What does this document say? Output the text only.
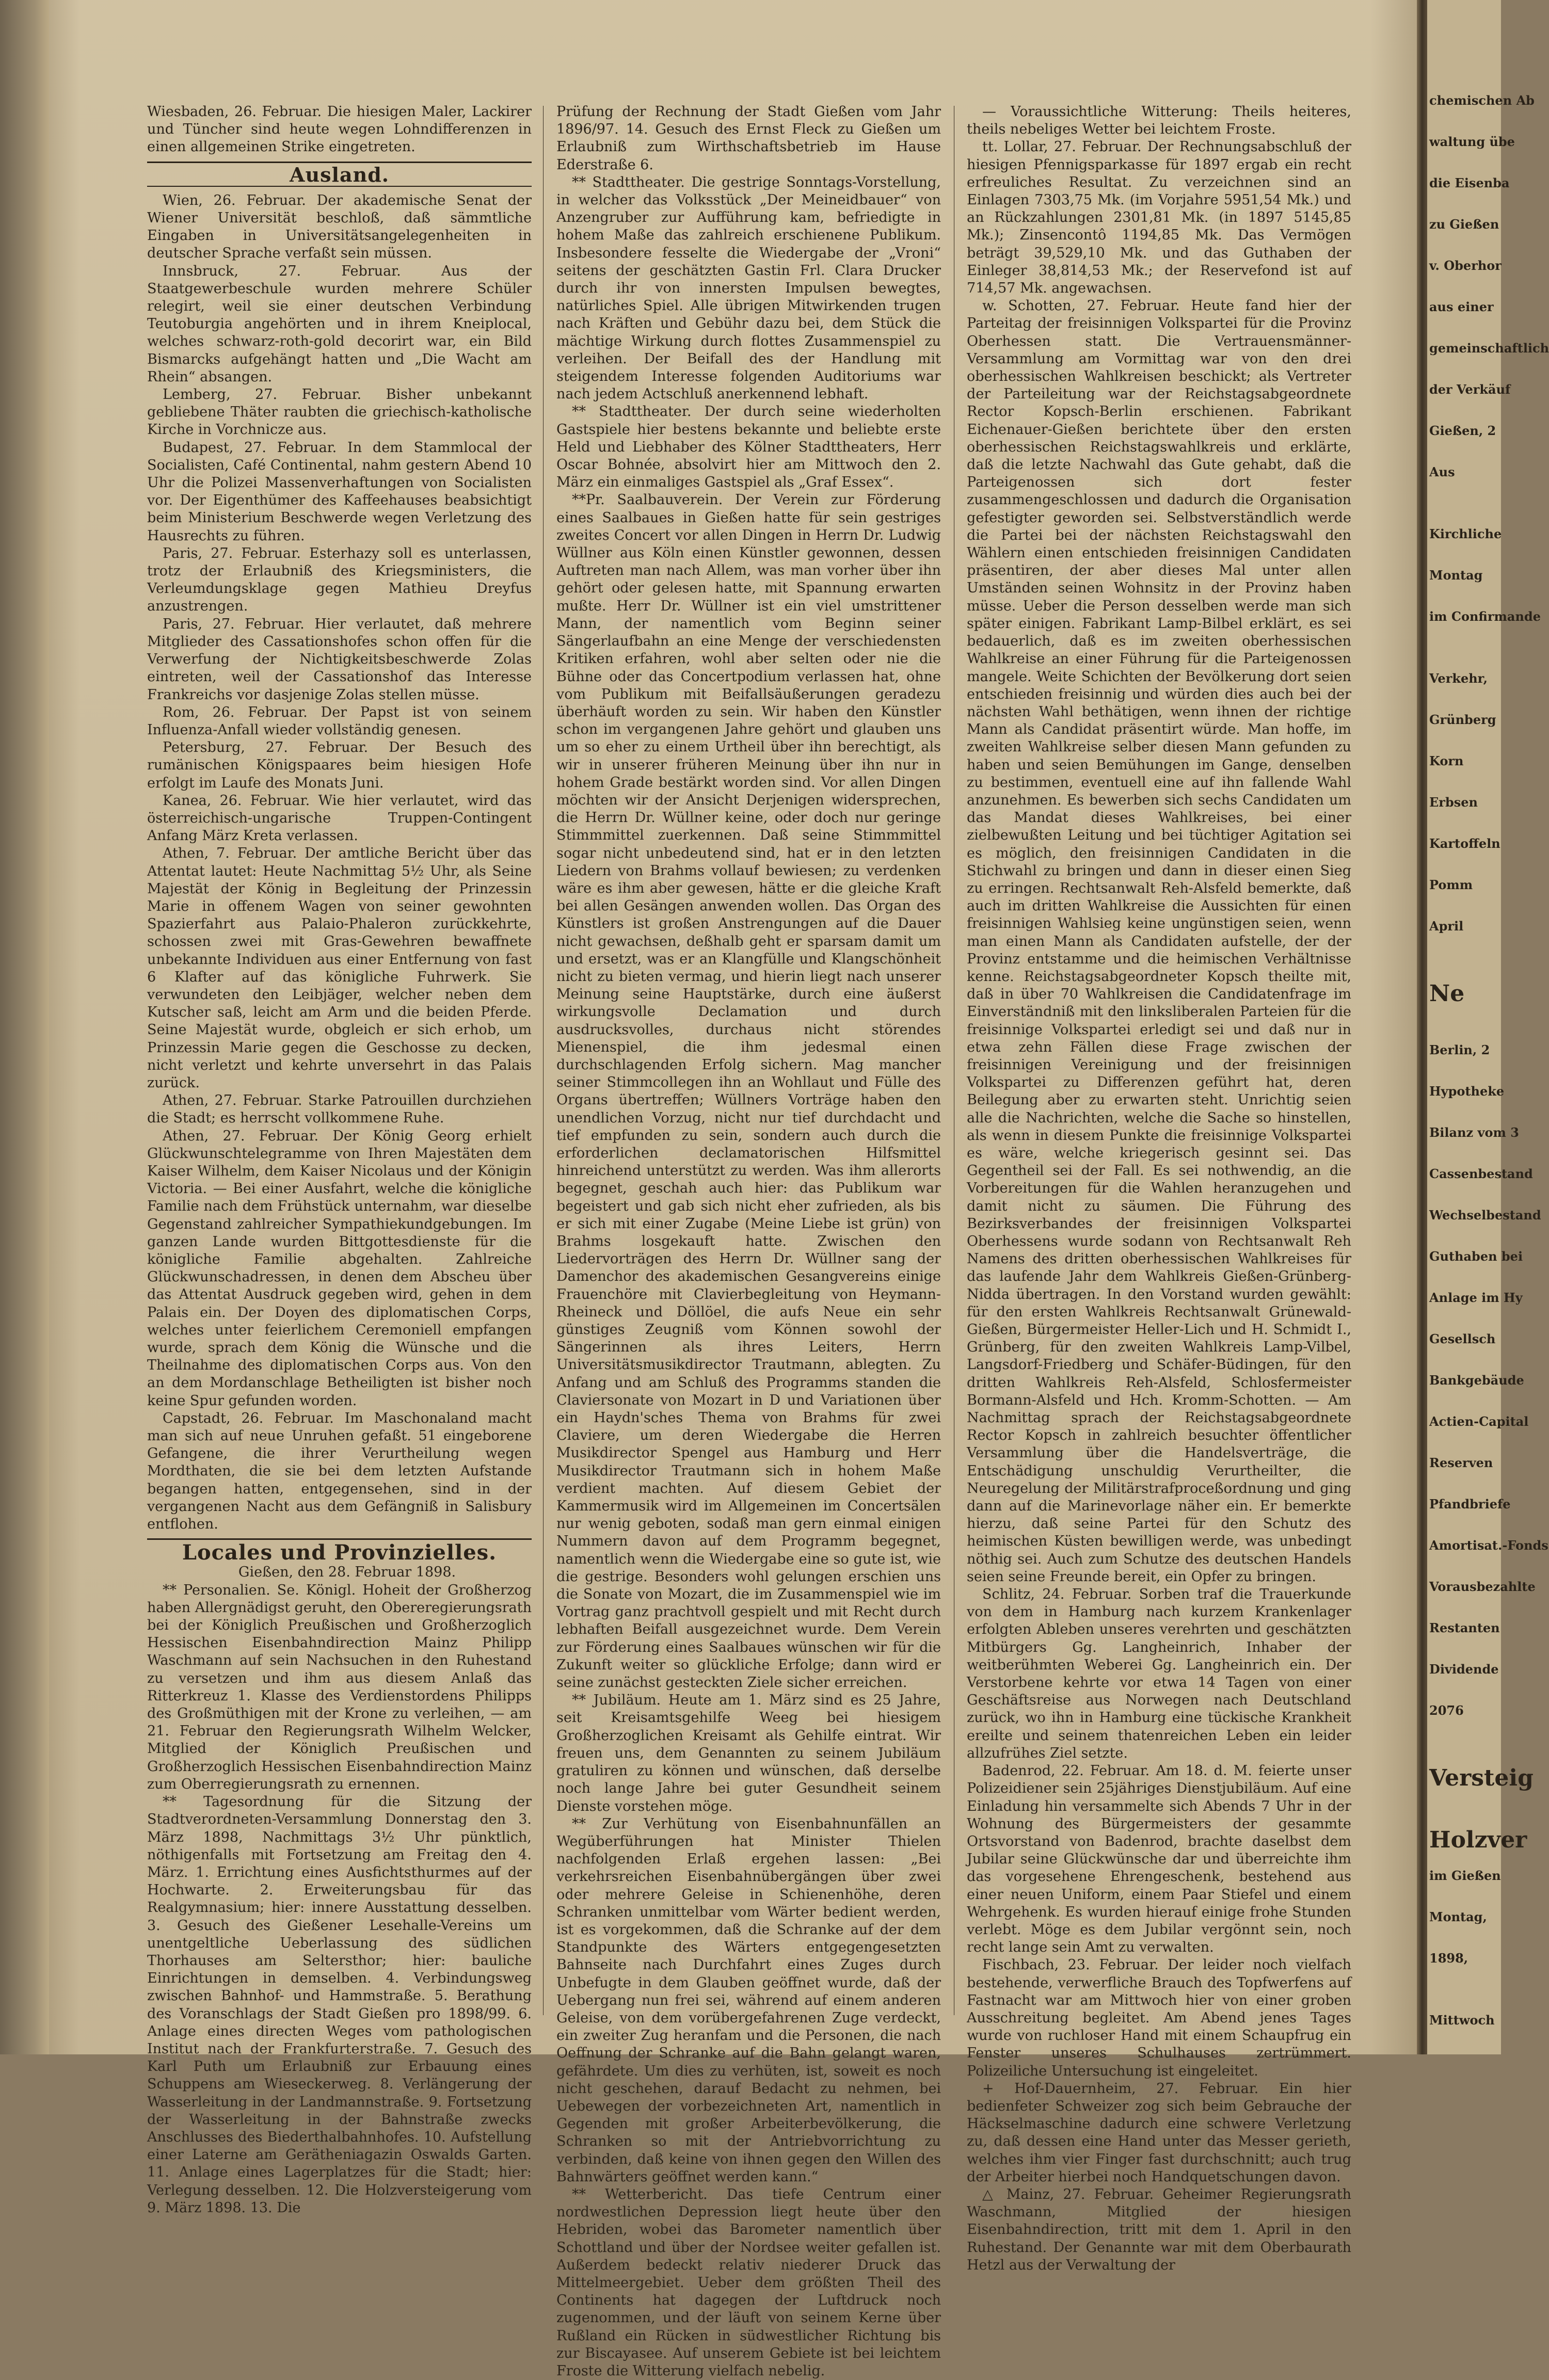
Wiesbaden, 26. Februar. Die hiesigen Maler, Lackirer und Tüncher sind heute wegen Lohndifferenzen in einen allgemeinen Strike eingetreten.

Ausland.

Wien, 26. Februar. Der akademische Senat der Wiener Universität beschloß, daß sämmtliche Eingaben in Universitätsangelegenheiten in deutscher Sprache verfaßt sein müssen.

Innsbruck, 27. Februar. Aus der Staatgewerbeschule wurden mehrere Schüler relegirt, weil sie einer deutschen Verbindung Teutoburgia angehörten und in ihrem Kneiplocal, welches schwarz-roth-gold decorirt war, ein Bild Bismarcks aufgehängt hatten und „Die Wacht am Rhein“ absangen.

Lemberg, 27. Februar. Bisher unbekannt gebliebene Thäter raubten die griechisch-katholische Kirche in Vorchnicze aus.

Budapest, 27. Februar. In dem Stammlocal der Socialisten, Café Continental, nahm gestern Abend 10 Uhr die Polizei Massenverhaftungen von Socialisten vor. Der Eigenthümer des Kaffeehauses beabsichtigt beim Ministerium Beschwerde wegen Verletzung des Hausrechts zu führen.

Paris, 27. Februar. Esterhazy soll es unterlassen, trotz der Erlaubniß des Kriegsministers, die Verleumdungsklage gegen Mathieu Dreyfus anzustrengen.

Paris, 27. Februar. Hier verlautet, daß mehrere Mitglieder des Cassationshofes schon offen für die Verwerfung der Nichtigkeitsbeschwerde Zolas eintreten, weil der Cassationshof das Interesse Frankreichs vor dasjenige Zolas stellen müsse.

Rom, 26. Februar. Der Papst ist von seinem Influenza-Anfall wieder vollständig genesen.

Petersburg, 27. Februar. Der Besuch des rumänischen Königspaares beim hiesigen Hofe erfolgt im Laufe des Monats Juni.

Kanea, 26. Februar. Wie hier verlautet, wird das österreichisch-ungarische Truppen-Contingent Anfang März Kreta verlassen.

Athen, 7. Februar. Der amtliche Bericht über das Attentat lautet: Heute Nachmittag 5½ Uhr, als Seine Majestät der König in Begleitung der Prinzessin Marie in offenem Wagen von seiner gewohnten Spazierfahrt aus Palaio-Phaleron zurückkehrte, schossen zwei mit Gras-Gewehren bewaffnete unbekannte Individuen aus einer Entfernung von fast 6 Klafter auf das königliche Fuhrwerk. Sie verwundeten den Leibjäger, welcher neben dem Kutscher saß, leicht am Arm und die beiden Pferde. Seine Majestät wurde, obgleich er sich erhob, um Prinzessin Marie gegen die Geschosse zu decken, nicht verletzt und kehrte unversehrt in das Palais zurück.

Athen, 27. Februar. Starke Patrouillen durchziehen die Stadt; es herrscht vollkommene Ruhe.

Athen, 27. Februar. Der König Georg erhielt Glückwunschtelegramme von Ihren Majestäten dem Kaiser Wilhelm, dem Kaiser Nicolaus und der Königin Victoria. — Bei einer Ausfahrt, welche die königliche Familie nach dem Frühstück unternahm, war dieselbe Gegenstand zahlreicher Sympathiekundgebungen. Im ganzen Lande wurden Bittgottesdienste für die königliche Familie abgehalten. Zahlreiche Glückwunschadressen, in denen dem Abscheu über das Attentat Ausdruck gegeben wird, gehen in dem Palais ein. Der Doyen des diplomatischen Corps, welches unter feierlichem Ceremoniell empfangen wurde, sprach dem König die Wünsche und die Theilnahme des diplomatischen Corps aus. Von den an dem Mordanschlage Betheiligten ist bisher noch keine Spur gefunden worden.

Capstadt, 26. Februar. Im Maschonaland macht man sich auf neue Unruhen gefaßt. 51 eingeborene Gefangene, die ihrer Verurtheilung wegen Mordthaten, die sie bei dem letzten Aufstande begangen hatten, entgegensehen, sind in der vergangenen Nacht aus dem Gefängniß in Salisbury entflohen.

Locales und Provinzielles.

Gießen, den 28. Februar 1898.

** Personalien. Se. Königl. Hoheit der Großherzog haben Allergnädigst geruht, den Obereregierungsrath bei der Königlich Preußischen und Großherzoglich Hessischen Eisenbahndirection Mainz Philipp Waschmann auf sein Nachsuchen in den Ruhestand zu versetzen und ihm aus diesem Anlaß das Ritterkreuz 1. Klasse des Verdienstordens Philipps des Großmüthigen mit der Krone zu verleihen, — am 21. Februar den Regierungsrath Wilhelm Welcker, Mitglied der Königlich Preußischen und Großherzoglich Hessischen Eisenbahndirection Mainz zum Oberregierungsrath zu ernennen.

** Tagesordnung für die Sitzung der Stadtverordneten-Versammlung Donnerstag den 3. März 1898, Nachmittags 3½ Uhr pünktlich, nöthigenfalls mit Fortsetzung am Freitag den 4. März. 1. Errichtung eines Ausfichtsthurmes auf der Hochwarte. 2. Erweiterungsbau für das Realgymnasium; hier: innere Ausstattung desselben. 3. Gesuch des Gießener Lesehalle-Vereins um unentgeltliche Ueberlassung des südlichen Thorhauses am Seltersthor; hier: bauliche Einrichtungen in demselben. 4. Verbindungsweg zwischen Bahnhof- und Hammstraße. 5. Berathung des Voranschlags der Stadt Gießen pro 1898/99. 6. Anlage eines directen Weges vom pathologischen Institut nach der Frankfurterstraße. 7. Gesuch des Karl Puth um Erlaubniß zur Erbauung eines Schuppens am Wieseckerweg. 8. Verlängerung der Wasserleitung in der Landmannstraße. 9. Fortsetzung der Wasserleitung in der Bahnstraße zwecks Anschlusses des Biederthalbahnhofes. 10. Aufstellung einer Laterne am Gerätheniagazin Oswalds Garten. 11. Anlage eines Lagerplatzes für die Stadt; hier: Verlegung desselben. 12. Die Holzversteigerung vom 9. März 1898. 13. Die

Prüfung der Rechnung der Stadt Gießen vom Jahr 1896/97. 14. Gesuch des Ernst Fleck zu Gießen um Erlaubniß zum Wirthschaftsbetrieb im Hause Ederstraße 6.

** Stadttheater. Die gestrige Sonntags-Vorstellung, in welcher das Volksstück „Der Meineidbauer“ von Anzengruber zur Aufführung kam, befriedigte in hohem Maße das zahlreich erschienene Publikum. Insbesondere fesselte die Wiedergabe der „Vroni“ seitens der geschätzten Gastin Frl. Clara Drucker durch ihr von innersten Impulsen bewegtes, natürliches Spiel. Alle übrigen Mitwirkenden trugen nach Kräften und Gebühr dazu bei, dem Stück die mächtige Wirkung durch flottes Zusammenspiel zu verleihen. Der Beifall des der Handlung mit steigendem Interesse folgenden Auditoriums war nach jedem Actschluß anerkennend lebhaft.

** Stadttheater. Der durch seine wiederholten Gastspiele hier bestens bekannte und beliebte erste Held und Liebhaber des Kölner Stadttheaters, Herr Oscar Bohnée, absolvirt hier am Mittwoch den 2. März ein einmaliges Gastspiel als „Graf Essex“.

**Pr. Saalbauverein. Der Verein zur Förderung eines Saalbaues in Gießen hatte für sein gestriges zweites Concert vor allen Dingen in Herrn Dr. Ludwig Wüllner aus Köln einen Künstler gewonnen, dessen Auftreten man nach Allem, was man vorher über ihn gehört oder gelesen hatte, mit Spannung erwarten mußte. Herr Dr. Wüllner ist ein viel umstrittener Mann, der namentlich vom Beginn seiner Sängerlaufbahn an eine Menge der verschiedensten Kritiken erfahren, wohl aber selten oder nie die Bühne oder das Concertpodium verlassen hat, ohne vom Publikum mit Beifallsäußerungen geradezu überhäuft worden zu sein. Wir haben den Künstler schon im vergangenen Jahre gehört und glauben uns um so eher zu einem Urtheil über ihn berechtigt, als wir in unserer früheren Meinung über ihn nur in hohem Grade bestärkt worden sind. Vor allen Dingen möchten wir der Ansicht Derjenigen widersprechen, die Herrn Dr. Wüllner keine, oder doch nur geringe Stimmmittel zuerkennen. Daß seine Stimmmittel sogar nicht unbedeutend sind, hat er in den letzten Liedern von Brahms vollauf bewiesen; zu verdenken wäre es ihm aber gewesen, hätte er die gleiche Kraft bei allen Gesängen anwenden wollen. Das Organ des Künstlers ist großen Anstrengungen auf die Dauer nicht gewachsen, deßhalb geht er sparsam damit um und ersetzt, was er an Klangfülle und Klangschönheit nicht zu bieten vermag, und hierin liegt nach unserer Meinung seine Hauptstärke, durch eine äußerst wirkungsvolle Declamation und durch ausdrucksvolles, durchaus nicht störendes Mienenspiel, die ihm jedesmal einen durchschlagenden Erfolg sichern. Mag mancher seiner Stimmcollegen ihn an Wohllaut und Fülle des Organs übertreffen; Wüllners Vorträge haben den unendlichen Vorzug, nicht nur tief durchdacht und tief empfunden zu sein, sondern auch durch die erforderlichen declamatorischen Hilfsmittel hinreichend unterstützt zu werden. Was ihm allerorts begegnet, geschah auch hier: das Publikum war begeistert und gab sich nicht eher zufrieden, als bis er sich mit einer Zugabe (Meine Liebe ist grün) von Brahms losgekauft hatte. Zwischen den Liedervorträgen des Herrn Dr. Wüllner sang der Damenchor des akademischen Gesangvereins einige Frauenchöre mit Clavierbegleitung von Heymann-Rheineck und Döllöel, die aufs Neue ein sehr günstiges Zeugniß vom Können sowohl der Sängerinnen als ihres Leiters, Herrn Universitätsmusikdirector Trautmann, ablegten. Zu Anfang und am Schluß des Programms standen die Claviersonate von Mozart in D und Variationen über ein Haydn'sches Thema von Brahms für zwei Claviere, um deren Wiedergabe die Herren Musikdirector Spengel aus Hamburg und Herr Musikdirector Trautmann sich in hohem Maße verdient machten. Auf diesem Gebiet der Kammermusik wird im Allgemeinen im Concertsälen nur wenig geboten, sodaß man gern einmal einigen Nummern davon auf dem Programm begegnet, namentlich wenn die Wiedergabe eine so gute ist, wie die gestrige. Besonders wohl gelungen erschien uns die Sonate von Mozart, die im Zusammenspiel wie im Vortrag ganz prachtvoll gespielt und mit Recht durch lebhaften Beifall ausgezeichnet wurde. Dem Verein zur Förderung eines Saalbaues wünschen wir für die Zukunft weiter so glückliche Erfolge; dann wird er seine zunächst gesteckten Ziele sicher erreichen.

** Jubiläum. Heute am 1. März sind es 25 Jahre, seit Kreisamtsgehilfe Weeg bei hiesigem Großherzoglichen Kreisamt als Gehilfe eintrat. Wir freuen uns, dem Genannten zu seinem Jubiläum gratuliren zu können und wünschen, daß derselbe noch lange Jahre bei guter Gesundheit seinem Dienste vorstehen möge.

** Zur Verhütung von Eisenbahnunfällen an Wegüberführungen hat Minister Thielen nachfolgenden Erlaß ergehen lassen: „Bei verkehrsreichen Eisenbahnübergängen über zwei oder mehrere Geleise in Schienenhöhe, deren Schranken unmittelbar vom Wärter bedient werden, ist es vorgekommen, daß die Schranke auf der dem Standpunkte des Wärters entgegengesetzten Bahnseite nach Durchfahrt eines Zuges durch Unbefugte in dem Glauben geöffnet wurde, daß der Uebergang nun frei sei, während auf einem anderen Geleise, von dem vorübergefahrenen Zuge verdeckt, ein zweiter Zug heranfam und die Personen, die nach Oeffnung der Schranke auf die Bahn gelangt waren, gefährdete. Um dies zu verhüten, ist, soweit es noch nicht geschehen, darauf Bedacht zu nehmen, bei Uebewegen der vorbezeichneten Art, namentlich in Gegenden mit großer Arbeiterbevölkerung, die Schranken so mit der Antriebvorrichtung zu verbinden, daß keine von ihnen gegen den Willen des Bahnwärters geöffnet werden kann.“

** Wetterbericht. Das tiefe Centrum einer nordwestlichen Depression liegt heute über den Hebriden, wobei das Barometer namentlich über Schottland und über der Nordsee weiter gefallen ist. Außerdem bedeckt relativ niederer Druck das Mittelmeergebiet. Ueber dem größten Theil des Continents hat dagegen der Luftdruck noch zugenommen, und der läuft von seinem Kerne über Rußland ein Rücken in südwestlicher Richtung bis zur Biscayasee. Auf unserem Gebiete ist bei leichtem Froste die Witterung vielfach nebelig.

— Voraussichtliche Witterung: Theils heiteres, theils nebeliges Wetter bei leichtem Froste.

tt. Lollar, 27. Februar. Der Rechnungsabschluß der hiesigen Pfennigsparkasse für 1897 ergab ein recht erfreuliches Resultat. Zu verzeichnen sind an Einlagen 7303,75 Mk. (im Vorjahre 5951,54 Mk.) und an Rückzahlungen 2301,81 Mk. (in 1897 5145,85 Mk.); Zinsencontô 1194,85 Mk. Das Vermögen beträgt 39,529,10 Mk. und das Guthaben der Einleger 38,814,53 Mk.; der Reservefond ist auf 714,57 Mk. angewachsen.

w. Schotten, 27. Februar. Heute fand hier der Parteitag der freisinnigen Volkspartei für die Provinz Oberhessen statt. Die Vertrauensmänner-Versammlung am Vormittag war von den drei oberhessischen Wahlkreisen beschickt; als Vertreter der Parteileitung war der Reichstagsabgeordnete Rector Kopsch-Berlin erschienen. Fabrikant Eichenauer-Gießen berichtete über den ersten oberhessischen Reichstagswahlkreis und erklärte, daß die letzte Nachwahl das Gute gehabt, daß die Parteigenossen sich dort fester zusammengeschlossen und dadurch die Organisation gefestigter geworden sei. Selbstverständlich werde die Partei bei der nächsten Reichstagswahl den Wählern einen entschieden freisinnigen Candidaten präsentiren, der aber dieses Mal unter allen Umständen seinen Wohnsitz in der Provinz haben müsse. Ueber die Person desselben werde man sich später einigen. Fabrikant Lamp-Bilbel erklärt, es sei bedauerlich, daß es im zweiten oberhessischen Wahlkreise an einer Führung für die Parteigenossen mangele. Weite Schichten der Bevölkerung dort seien entschieden freisinnig und würden dies auch bei der nächsten Wahl bethätigen, wenn ihnen der richtige Mann als Candidat präsentirt würde. Man hoffe, im zweiten Wahlkreise selber diesen Mann gefunden zu haben und seien Bemühungen im Gange, denselben zu bestimmen, eventuell eine auf ihn fallende Wahl anzunehmen. Es bewerben sich sechs Candidaten um das Mandat dieses Wahlkreises, bei einer zielbewußten Leitung und bei tüchtiger Agitation sei es möglich, den freisinnigen Candidaten in die Stichwahl zu bringen und dann in dieser einen Sieg zu erringen. Rechtsanwalt Reh-Alsfeld bemerkte, daß auch im dritten Wahlkreise die Aussichten für einen freisinnigen Wahlsieg keine ungünstigen seien, wenn man einen Mann als Candidaten aufstelle, der der Provinz entstamme und die heimischen Verhältnisse kenne. Reichstagsabgeordneter Kopsch theilte mit, daß in über 70 Wahlkreisen die Candidatenfrage im Einverständniß mit den linksliberalen Parteien für die freisinnige Volkspartei erledigt sei und daß nur in etwa zehn Fällen diese Frage zwischen der freisinnigen Vereinigung und der freisinnigen Volkspartei zu Differenzen geführt hat, deren Beilegung aber zu erwarten steht. Unrichtig seien alle die Nachrichten, welche die Sache so hinstellen, als wenn in diesem Punkte die freisinnige Volkspartei es wäre, welche kriegerisch gesinnt sei. Das Gegentheil sei der Fall. Es sei nothwendig, an die Vorbereitungen für die Wahlen heranzugehen und damit nicht zu säumen. Die Führung des Bezirksverbandes der freisinnigen Volkspartei Oberhessens wurde sodann von Rechtsanwalt Reh Namens des dritten oberhessischen Wahlkreises für das laufende Jahr dem Wahlkreis Gießen-Grünberg-Nidda übertragen. In den Vorstand wurden gewählt: für den ersten Wahlkreis Rechtsanwalt Grünewald-Gießen, Bürgermeister Heller-Lich und H. Schmidt I., Grünberg, für den zweiten Wahlkreis Lamp-Vilbel, Langsdorf-Friedberg und Schäfer-Büdingen, für den dritten Wahlkreis Reh-Alsfeld, Schlosfermeister Bormann-Alsfeld und Hch. Kromm-Schotten. — Am Nachmittag sprach der Reichstagsabgeordnete Rector Kopsch in zahlreich besuchter öffentlicher Versammlung über die Handelsverträge, die Entschädigung unschuldig Verurtheilter, die Neuregelung der Militärstrafproceßordnung und ging dann auf die Marinevorlage näher ein. Er bemerkte hierzu, daß seine Partei für den Schutz des heimischen Küsten bewilligen werde, was unbedingt nöthig sei. Auch zum Schutze des deutschen Handels seien seine Freunde bereit, ein Opfer zu bringen.

Schlitz, 24. Februar. Sorben traf die Trauerkunde von dem in Hamburg nach kurzem Krankenlager erfolgten Ableben unseres verehrten und geschätzten Mitbürgers Gg. Langheinrich, Inhaber der weitberühmten Weberei Gg. Langheinrich ein. Der Verstorbene kehrte vor etwa 14 Tagen von einer Geschäftsreise aus Norwegen nach Deutschland zurück, wo ihn in Hamburg eine tückische Krankheit ereilte und seinem thatenreichen Leben ein leider allzufrühes Ziel setzte.

Badenrod, 22. Februar. Am 18. d. M. feierte unser Polizeidiener sein 25jähriges Dienstjubiläum. Auf eine Einladung hin versammelte sich Abends 7 Uhr in der Wohnung des Bürgermeisters der gesammte Ortsvorstand von Badenrod, brachte daselbst dem Jubilar seine Glückwünsche dar und überreichte ihm das vorgesehene Ehrengeschenk, bestehend aus einer neuen Uniform, einem Paar Stiefel und einem Wehrgehenk. Es wurden hierauf einige frohe Stunden verlebt. Möge es dem Jubilar vergönnt sein, noch recht lange sein Amt zu verwalten.

Fischbach, 23. Februar. Der leider noch vielfach bestehende, verwerfliche Brauch des Topfwerfens auf Fastnacht war am Mittwoch hier von einer groben Ausschreitung begleitet. Am Abend jenes Tages wurde von ruchloser Hand mit einem Schaupfrug ein Fenster unseres Schulhauses zertrümmert. Polizeiliche Untersuchung ist eingeleitet.

+ Hof-Dauernheim, 27. Februar. Ein hier bedienfeter Schweizer zog sich beim Gebrauche der Häckselmaschine dadurch eine schwere Verletzung zu, daß dessen eine Hand unter das Messer gerieth, welches ihm vier Finger fast durchschnitt; auch trug der Arbeiter hierbei noch Handquetschungen davon.

△ Mainz, 27. Februar. Geheimer Regierungsrath Waschmann, Mitglied der hiesigen Eisenbahndirection, tritt mit dem 1. April in den Ruhestand. Der Genannte war mit dem Oberbaurath Hetzl aus der Verwaltung der

chemischen Ab
waltung übe
die Eisenba
zu Gießen
v. Oberhor
aus einer
gemeinschaftlich
der Verkäuf
Gießen, 2
Aus
Kirchliche
Montag
im Confirmande
Verkehr,
Grünberg
Korn
Erbsen
Kartoffeln
Pomm
April
Ne
Berlin, 2
Hypotheke
Bilanz vom 3
Cassenbestand
Wechselbestand
Guthaben bei
Anlage im Hy
Gesellsch
Bankgebäude
Actien-Capital
Reserven
Pfandbriefe
Amortisat.-Fonds
Vorausbezahlte
Restanten
Dividende
2076
Versteig
Holzver
im Gießen
Montag,
1898,
Mittwoch
